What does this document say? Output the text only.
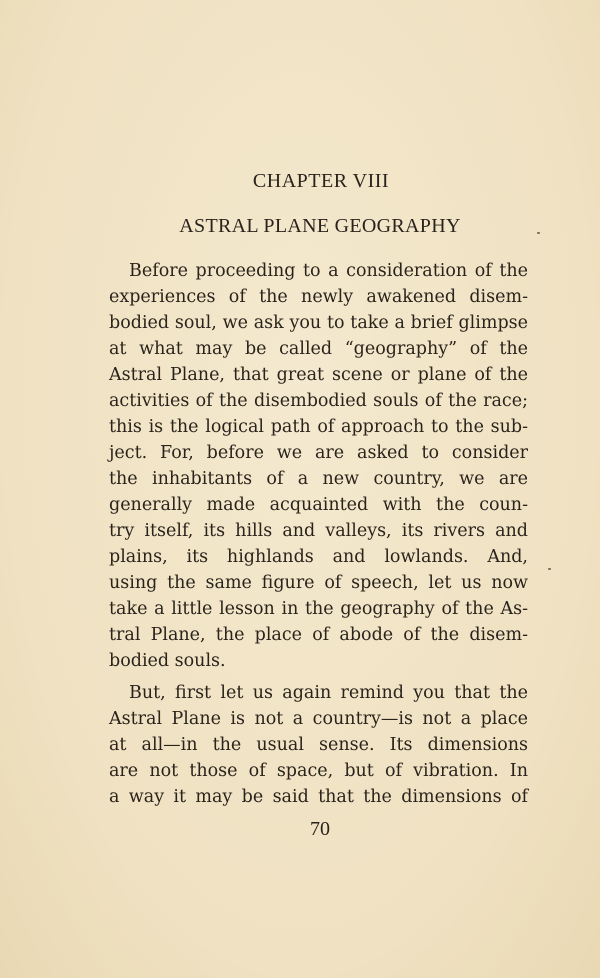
CHAPTER VIII
ASTRAL PLANE GEOGRAPHY
Before proceeding to a consideration of the
experiences of the newly awakened disem-
bodied soul, we ask you to take a brief glimpse
at what may be called “geography” of the
Astral Plane, that great scene or plane of the
activities of the disembodied souls of the race;
this is the logical path of approach to the sub-
ject. For, before we are asked to consider
the inhabitants of a new country, we are
generally made acquainted with the coun-
try itself, its hills and valleys, its rivers and
plains, its highlands and lowlands. And,
using the same figure of speech, let us now
take a little lesson in the geography of the As-
tral Plane, the place of abode of the disem-
bodied souls.
But, first let us again remind you that the
Astral Plane is not a country—is not a place
at all—in the usual sense. Its dimensions
are not those of space, but of vibration. In
a way it may be said that the dimensions of
70
